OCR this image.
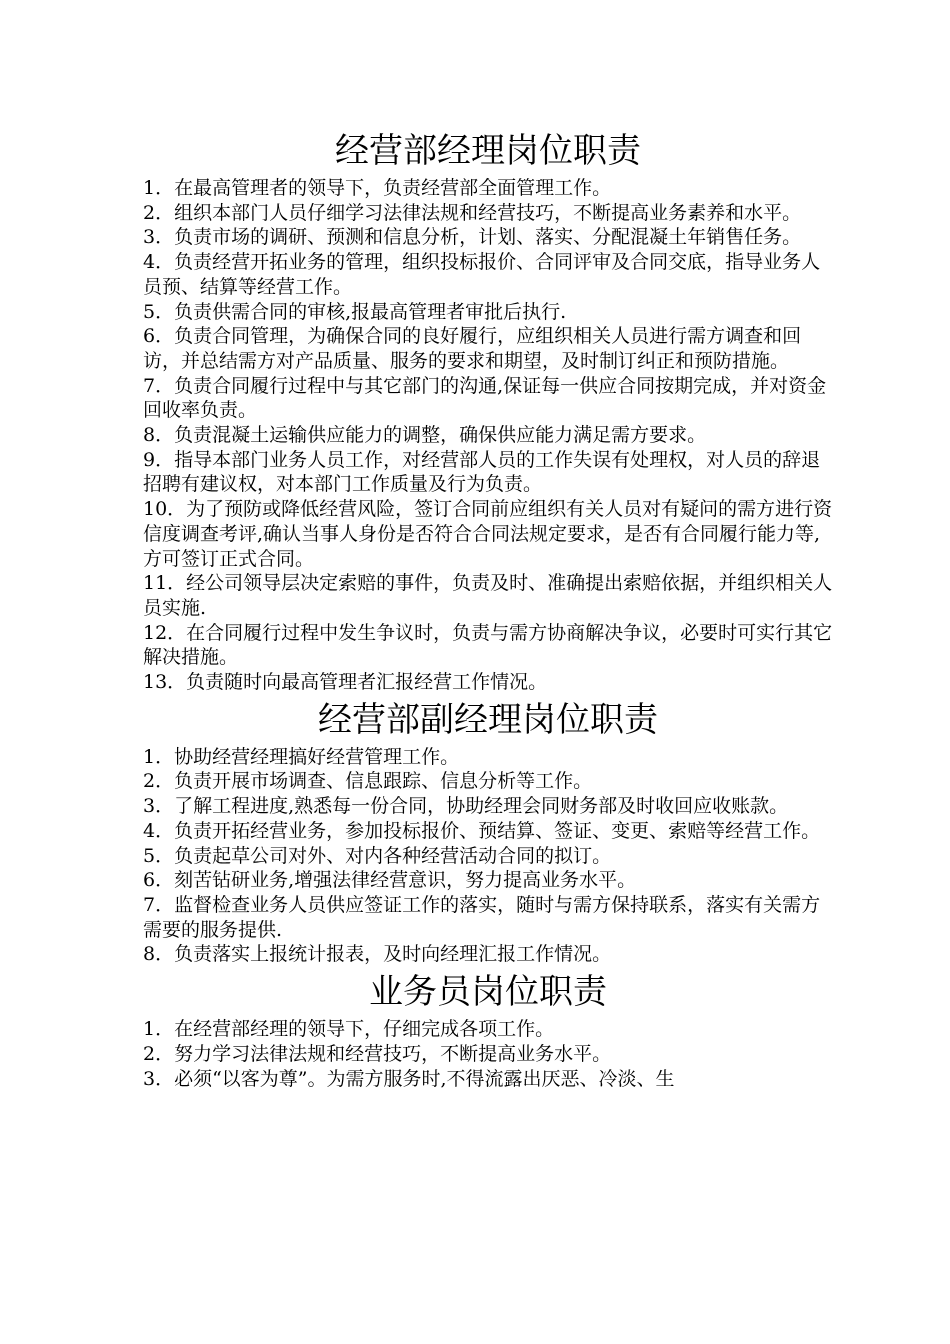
经营部经理岗位职责

1．在最高管理者的领导下，负责经营部全面管理工作。

2．组织本部门人员仔细学习法律法规和经营技巧，不断提高业务素养和水平。

3．负责市场的调研、预测和信息分析，计划、落实、分配混凝土年销售任务。

4．负责经营开拓业务的管理，组织投标报价、合同评审及合同交底，指导业务人员预、结算等经营工作。

5．负责供需合同的审核,报最高管理者审批后执行.

6．负责合同管理，为确保合同的良好履行，应组织相关人员进行需方调查和回访，并总结需方对产品质量、服务的要求和期望，及时制订纠正和预防措施。

7．负责合同履行过程中与其它部门的沟通,保证每一供应合同按期完成，并对资金回收率负责。

8．负责混凝土运输供应能力的调整，确保供应能力满足需方要求。

9．指导本部门业务人员工作，对经营部人员的工作失误有处理权，对人员的辞退招聘有建议权，对本部门工作质量及行为负责。

10．为了预防或降低经营风险，签订合同前应组织有关人员对有疑问的需方进行资信度调查考评,确认当事人身份是否符合合同法规定要求，是否有合同履行能力等,方可签订正式合同。

11．经公司领导层决定索赔的事件，负责及时、准确提出索赔依据，并组织相关人员实施.

12．在合同履行过程中发生争议时，负责与需方协商解决争议，必要时可实行其它解决措施。

13．负责随时向最高管理者汇报经营工作情况。

经营部副经理岗位职责

1．协助经营经理搞好经营管理工作。

2．负责开展市场调查、信息跟踪、信息分析等工作。

3．了解工程进度,熟悉每一份合同，协助经理会同财务部及时收回应收账款。

4．负责开拓经营业务，参加投标报价、预结算、签证、变更、索赔等经营工作。

5．负责起草公司对外、对内各种经营活动合同的拟订。

6．刻苦钻研业务,增强法律经营意识，努力提高业务水平。

7．监督检查业务人员供应签证工作的落实，随时与需方保持联系，落实有关需方需要的服务提供.

8．负责落实上报统计报表，及时向经理汇报工作情况。

业务员岗位职责

1．在经营部经理的领导下，仔细完成各项工作。

2．努力学习法律法规和经营技巧，不断提高业务水平。

3．必须“以客为尊”。为需方服务时,不得流露出厌恶、冷淡、生
